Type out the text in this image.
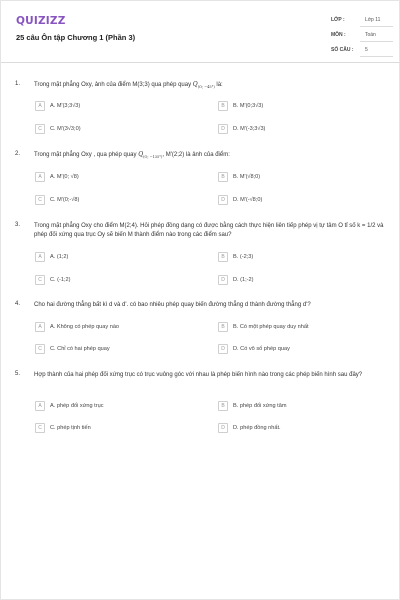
QUIZIZZ
25 câu Ôn tập Chương 1 (Phần 3)
LỚP :	Lớp 11
MÔN :	Toán
SỐ CÂU : 5
1. Trong mặt phẳng Oxy, ảnh của điểm M(3;3) qua phép quay $Q_{(O; -45^\circ)}$ là:
A	A. M'(3;3√3)	B	B. M'(0;3√3)
C	C. M'(3√3;0)	D	D. M'(-3;3√3)
2. Trong mặt phẳng Oxy , qua phép quay $Q_{(O; -135^\circ)}$, M'(2;2) là ảnh của điểm:
A	A. M'(0; √8)	B	B. M'(√8;0)
C	C. M'(0;-√8)	D	D. M'(-√8;0)
3. Trong mặt phẳng Oxy cho điểm M(2;4). Hỏi phép đồng dạng có được bằng cách thực hiện liên tiếp phép vị tự tâm O tỉ số k = 1/2 và phép đối xứng qua trục Oy sẽ biến M thành điểm nào trong các điểm sau?
A	A. (1;2)	B	B. (-2;3)
C	C. (-1;2)	D	D. (1;-2)
4. Cho hai đường thẳng bất kì d và d'. có bao nhiêu phép quay biến đường thẳng d thành đường thẳng d'?
A	A. Không có phép quay nào	B	B. Có một phép quay duy nhất
C	C. Chỉ có hai phép quay	D	D. Có vô số phép quay
5. Hợp thành của hai phép đối xứng trục có trục vuông góc với nhau là phép biến hình nào trong các phép biến hình sau đây?
A	A. phép đối xứng trục	B	B. phép đối xứng tâm
C	C. phép tịnh tiến	D	D. phép đồng nhất.
